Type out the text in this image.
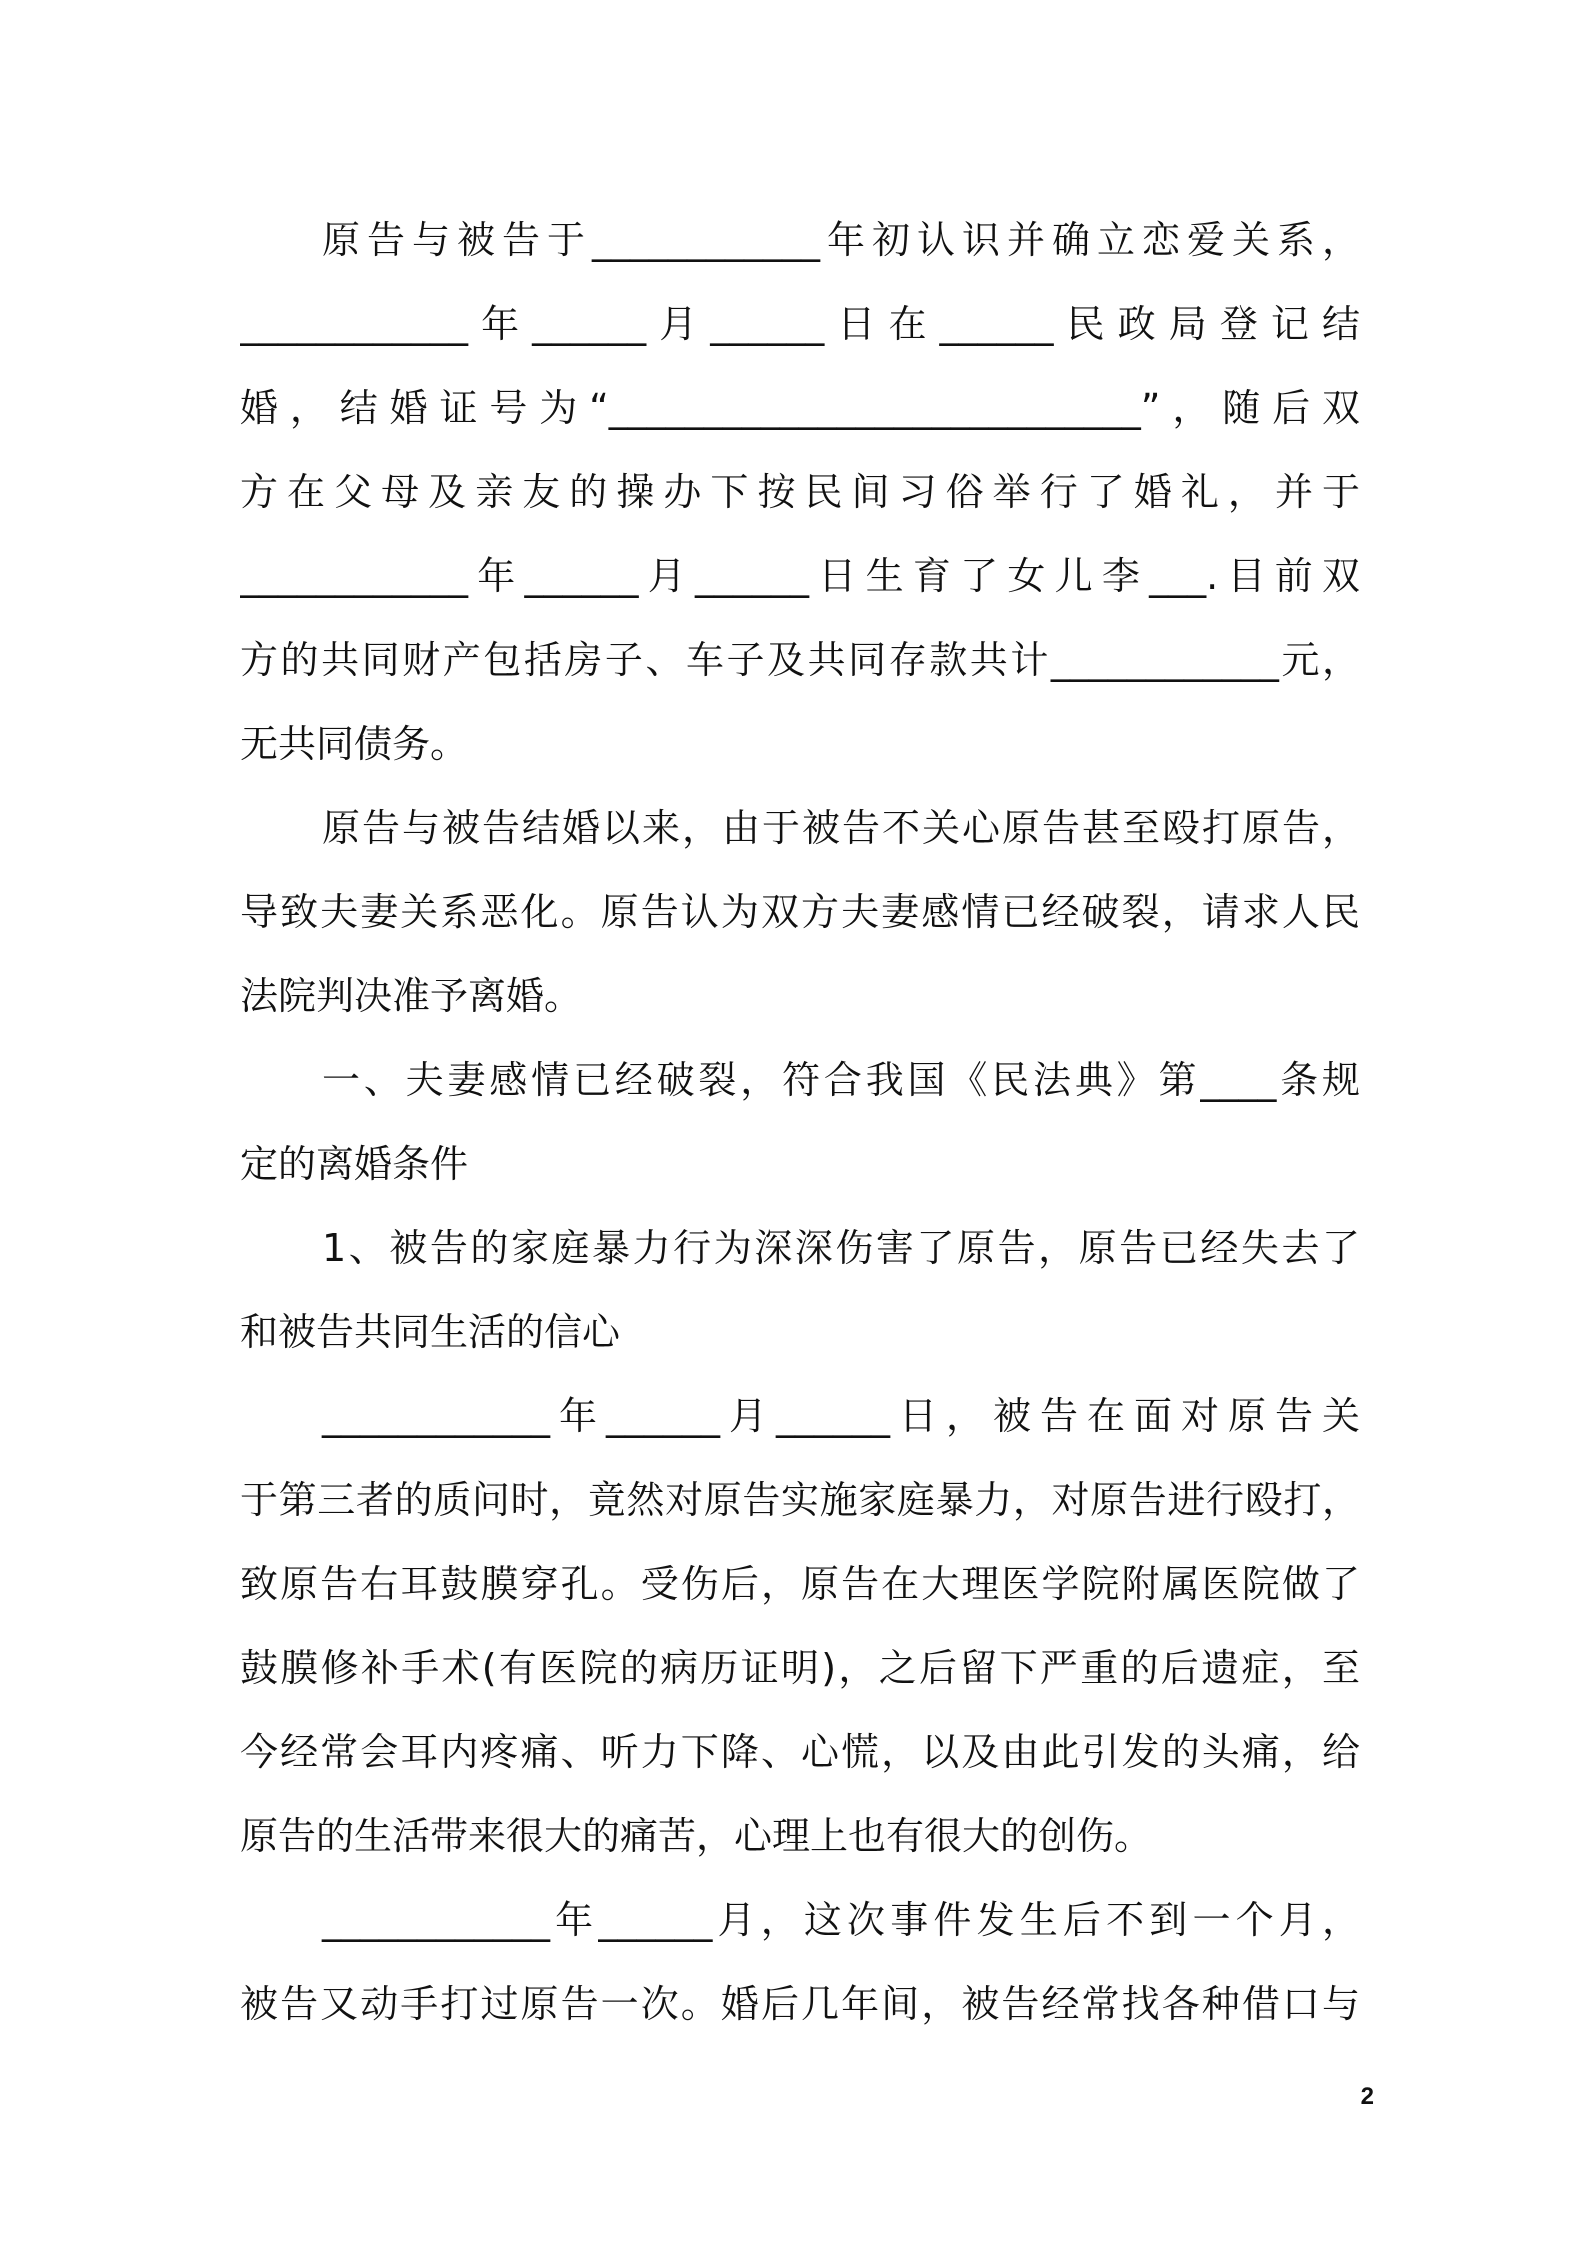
原告与被告于____________年初认识并确立恋爱关系，
____________年______月______日在______民政局登记结
婚，结婚证号为“____________________________”，随后双
方在父母及亲友的操办下按民间习俗举行了婚礼，并于
____________年______月______日生育了女儿李___.目前双
方的共同财产包括房子、车子及共同存款共计____________元，
无共同债务。
原告与被告结婚以来，由于被告不关心原告甚至殴打原告，
导致夫妻关系恶化。原告认为双方夫妻感情已经破裂，请求人民
法院判决准予离婚。
一、夫妻感情已经破裂，符合我国《民法典》第____条规
定的离婚条件
1、被告的家庭暴力行为深深伤害了原告，原告已经失去了
和被告共同生活的信心
____________年______月______日，被告在面对原告关
于第三者的质问时，竟然对原告实施家庭暴力，对原告进行殴打，
致原告右耳鼓膜穿孔。受伤后，原告在大理医学院附属医院做了
鼓膜修补手术(有医院的病历证明)，之后留下严重的后遗症，至
今经常会耳内疼痛、听力下降、心慌，以及由此引发的头痛，给
原告的生活带来很大的痛苦，心理上也有很大的创伤。
____________年______月，这次事件发生后不到一个月，
被告又动手打过原告一次。婚后几年间，被告经常找各种借口与
2
